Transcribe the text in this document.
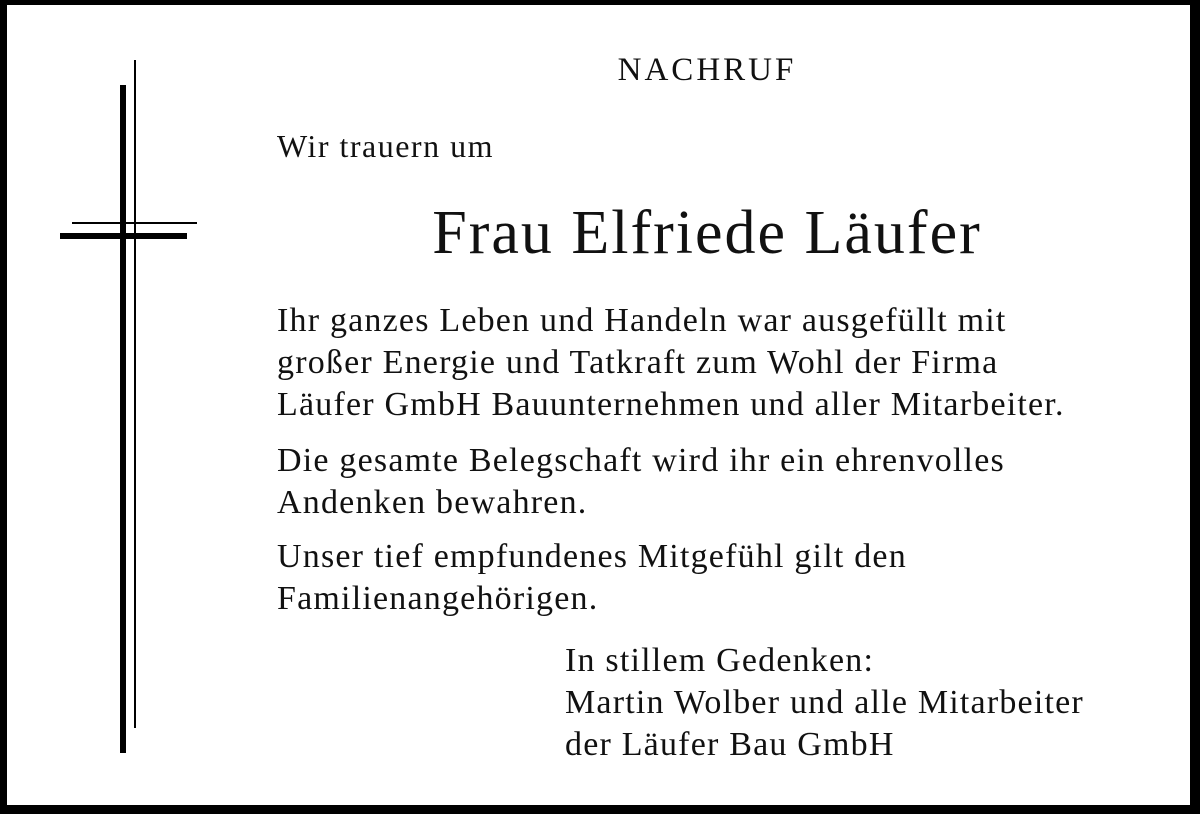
NACHRUF
Wir trauern um
Frau Elfriede Läufer
Ihr ganzes Leben und Handeln war ausgefüllt mit
großer Energie und Tatkraft zum Wohl der Firma
Läufer GmbH Bauunternehmen und aller Mitarbeiter.
Die gesamte Belegschaft wird ihr ein ehrenvolles
Andenken bewahren.
Unser tief empfundenes Mitgefühl gilt den
Familienangehörigen.
In stillem Gedenken:
Martin Wolber und alle Mitarbeiter
der Läufer Bau GmbH
